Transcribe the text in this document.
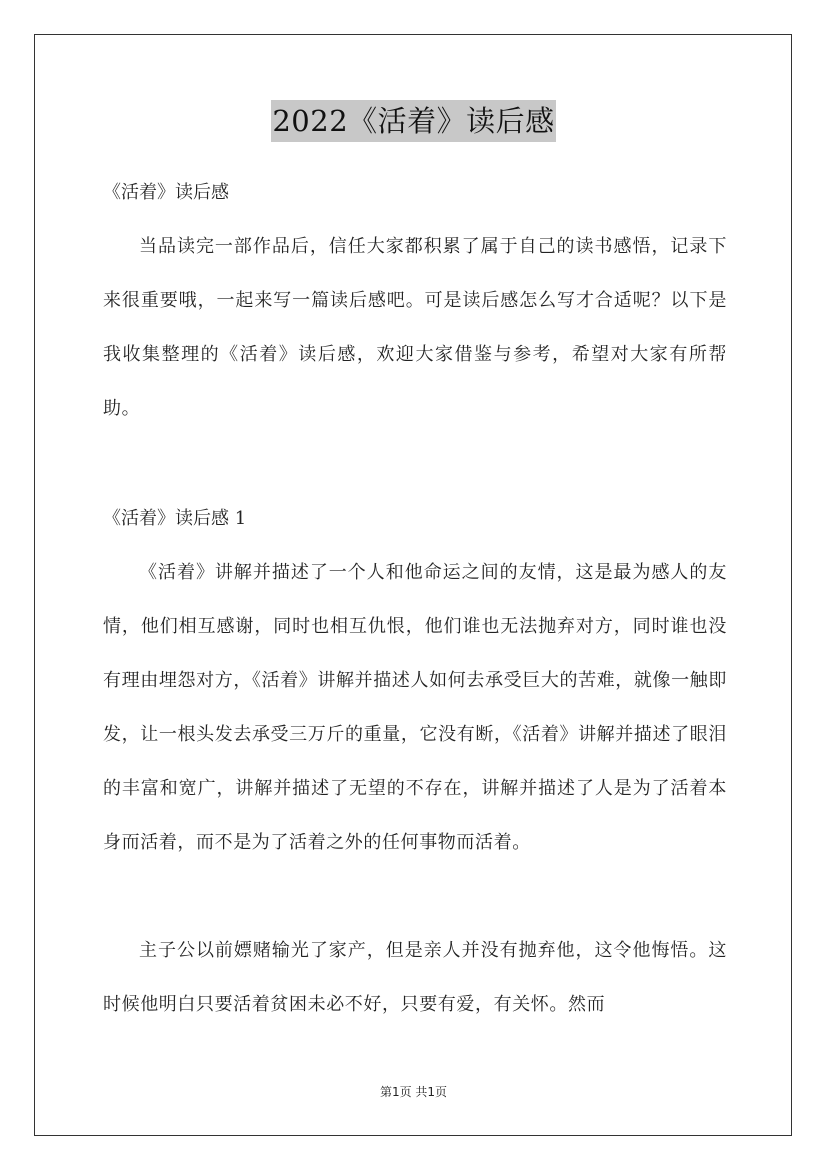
2022《活着》读后感
《活着》读后感

当品读完一部作品后，信任大家都积累了属于自己的读书感悟，记录下来很重要哦，一起来写一篇读后感吧。可是读后感怎么写才合适呢？以下是我收集整理的《活着》读后感，欢迎大家借鉴与参考，希望对大家有所帮助。

《活着》读后感 1

《活着》讲解并描述了一个人和他命运之间的友情，这是最为感人的友情，他们相互感谢，同时也相互仇恨，他们谁也无法抛弃对方，同时谁也没有理由埋怨对方，《活着》讲解并描述人如何去承受巨大的苦难，就像一触即发，让一根头发去承受三万斤的重量，它没有断，《活着》讲解并描述了眼泪的丰富和宽广，讲解并描述了无望的不存在，讲解并描述了人是为了活着本身而活着，而不是为了活着之外的任何事物而活着。

主子公以前嫖赌输光了家产，但是亲人并没有抛弃他，这令他悔悟。这时候他明白只要活着贫困未必不好，只要有爱，有关怀。然而

第1页 共1页
